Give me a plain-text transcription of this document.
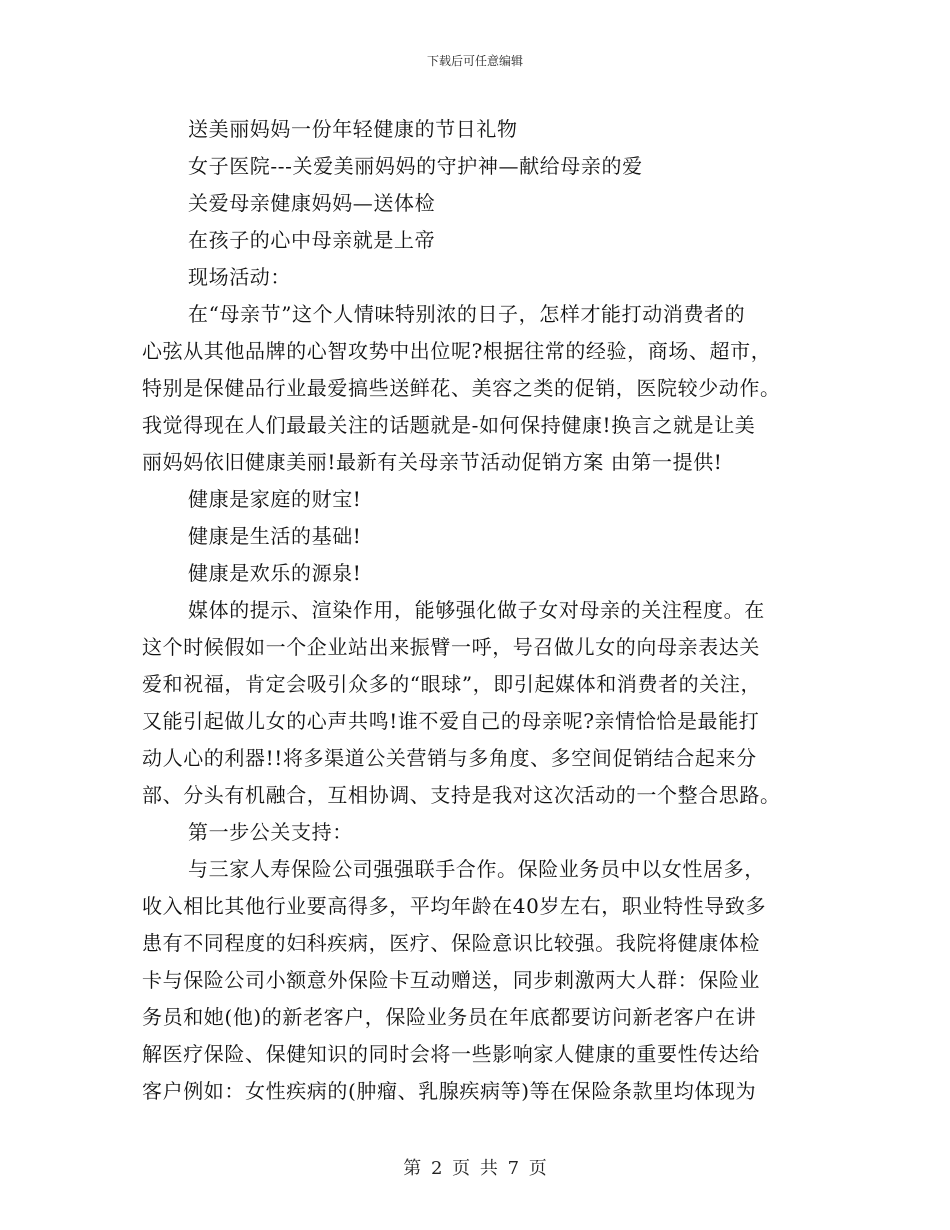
下载后可任意编辑
送美丽妈妈一份年轻健康的节日礼物
女子医院---关爱美丽妈妈的守护神—献给母亲的爱
关爱母亲健康妈妈—送体检
在孩子的心中母亲就是上帝
现场活动：
在“母亲节”这个人情味特别浓的日子，怎样才能打动消费者的
心弦从其他品牌的心智攻势中出位呢?根据往常的经验，商场、超市，
特别是保健品行业最爱搞些送鲜花、美容之类的促销，医院较少动作。
我觉得现在人们最最关注的话题就是-如何保持健康!换言之就是让美
丽妈妈依旧健康美丽!最新有关母亲节活动促销方案 由第一提供!
健康是家庭的财宝!
健康是生活的基础!
健康是欢乐的源泉!
媒体的提示、渲染作用，能够强化做子女对母亲的关注程度。在
这个时候假如一个企业站出来振臂一呼，号召做儿女的向母亲表达关
爱和祝福，肯定会吸引众多的“眼球”，即引起媒体和消费者的关注，
又能引起做儿女的心声共鸣!谁不爱自己的母亲呢?亲情恰恰是最能打
动人心的利器!!将多渠道公关营销与多角度、多空间促销结合起来分
部、分头有机融合，互相协调、支持是我对这次活动的一个整合思路。
第一步公关支持：
与三家人寿保险公司强强联手合作。保险业务员中以女性居多，
收入相比其他行业要高得多，平均年龄在40岁左右，职业特性导致多
患有不同程度的妇科疾病，医疗、保险意识比较强。我院将健康体检
卡与保险公司小额意外保险卡互动赠送，同步刺激两大人群：保险业
务员和她(他)的新老客户，保险业务员在年底都要访问新老客户在讲
解医疗保险、保健知识的同时会将一些影响家人健康的重要性传达给
客户例如：女性疾病的(肿瘤、乳腺疾病等)等在保险条款里均体现为
第 2 页 共 7 页
